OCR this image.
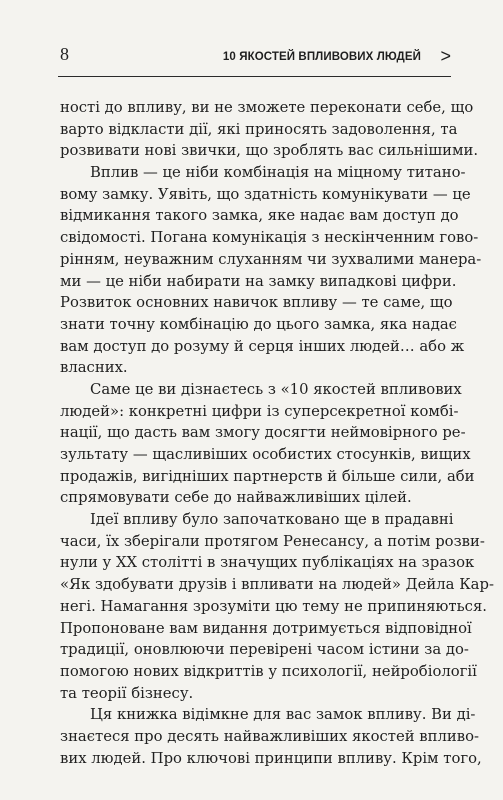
8	10 ЯКОСТЕЙ ВПЛИВОВИХ ЛЮДЕЙ >
ності до впливу, ви не зможете переконати себе, що
варто відкласти дії, які приносять задоволення, та
розвивати нові звички, що зроблять вас сильнішими.
Вплив — це ніби комбінація на міцному титано-
вому замку. Уявіть, що здатність комунікувати — це
відмикання такого замка, яке надає вам доступ до
свідомості. Погана комунікація з нескінченним гово-
рінням, неуважним слуханням чи зухвалими манера-
ми — це ніби набирати на замку випадкові цифри.
Розвиток основних навичок впливу — те саме, що
знати точну комбінацію до цього замка, яка надає
вам доступ до розуму й серця інших людей… або ж
власних.
Саме це ви дізнаєтесь з «10 якостей впливових
людей»: конкретні цифри із суперсекретної комбі-
нації, що дасть вам змогу досягти неймовірного ре-
зультату — щасливіших особистих стосунків, вищих
продажів, вигідніших партнерств й більше сили, аби
спрямовувати себе до найважливіших цілей.
Ідеї впливу було започатковано ще в прадавні
часи, їх зберігали протягом Ренесансу, а потім розви-
нули у ХХ столітті в значущих публікаціях на зразок
«Як здобувати друзів і впливати на людей» Дейла Кар-
негі. Намагання зрозуміти цю тему не припиняються.
Пропоноване вам видання дотримується відповідної
традиції, оновлюючи перевірені часом істини за до-
помогою нових відкриттів у психології, нейробіології
та теорії бізнесу.
Ця книжка відімкне для вас замок впливу. Ви ді-
знаєтеся про десять найважливіших якостей впливо-
вих людей. Про ключові принципи впливу. Крім того,
